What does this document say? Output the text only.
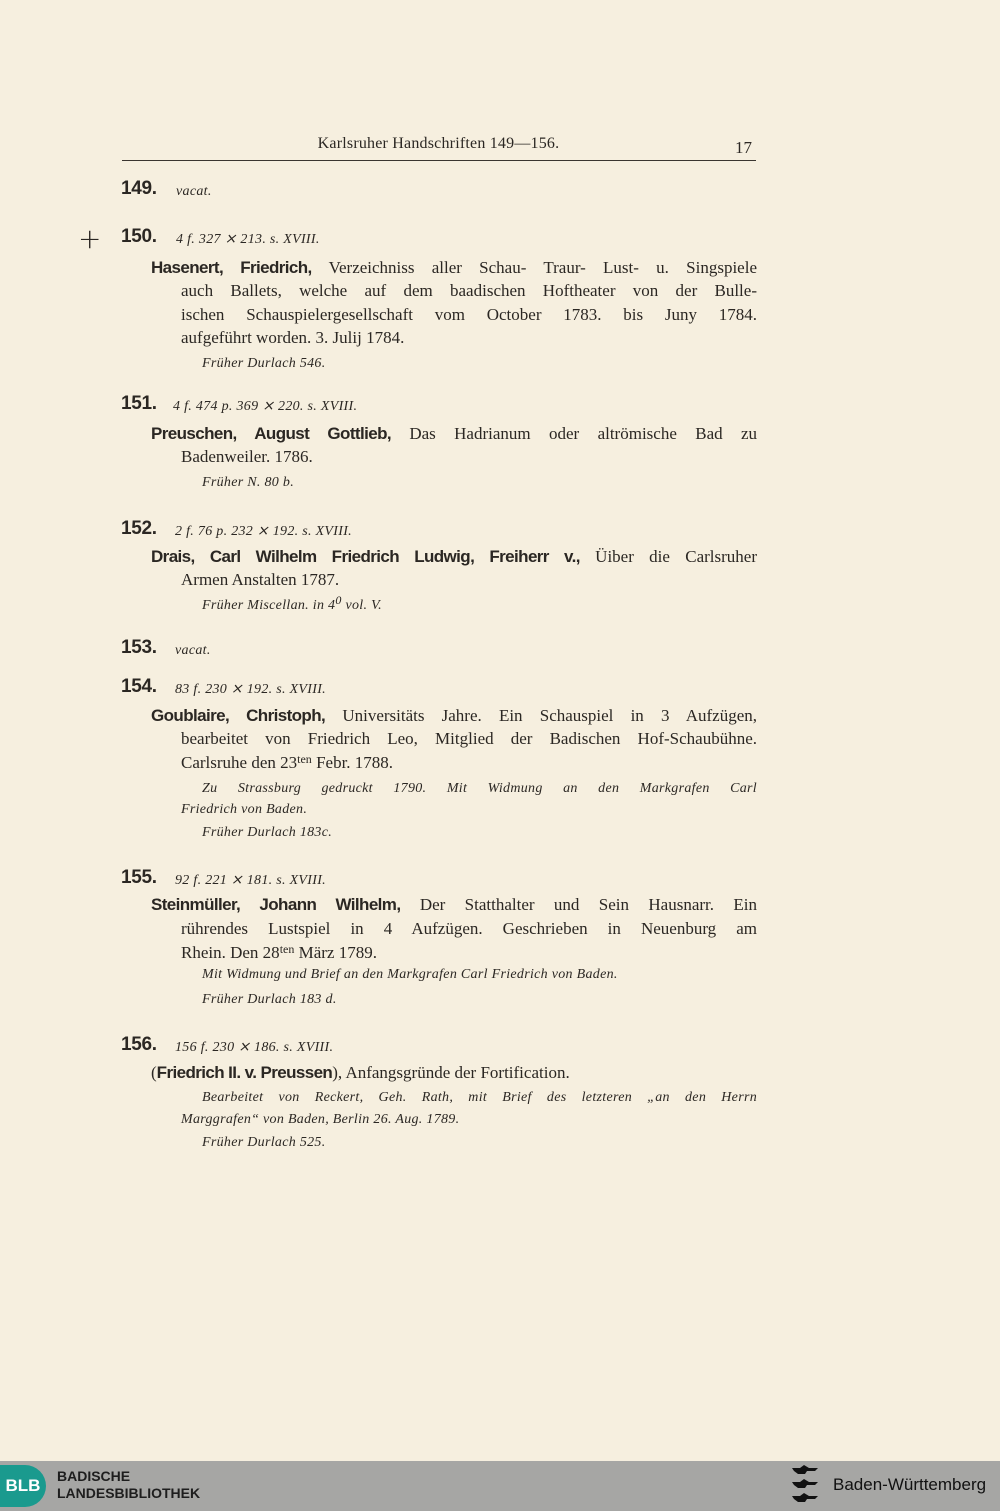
Karlsruher Handschriften 149—156.	17
+
149. vacat.
150. 4 f. 327 ⨯ 213. s. XVIII.
Hasenert, Friedrich, Verzeichniss aller Schau- Traur- Lust- u. Singspiele
auch Ballets, welche auf dem baadischen Hoftheater von der Bulle-
ischen Schauspielergesellschaft vom October 1783. bis Juny 1784.
aufgeführt worden. 3. Julij 1784.
Früher Durlach 546.
151. 4 f. 474 p. 369 ⨯ 220. s. XVIII.
Preuschen, August Gottlieb, Das Hadrianum oder altrömische Bad zu
Badenweiler. 1786.
Früher N. 80 b.
152. 2 f. 76 p. 232 ⨯ 192. s. XVIII.
Drais, Carl Wilhelm Friedrich Ludwig, Freiherr v., Üiber die Carlsruher
Armen Anstalten 1787.
Früher Miscellan. in $4^0$ vol. V.
153. vacat.
154. 83 f. 230 ⨯ 192. s. XVIII.
Goublaire, Christoph, Universitäts Jahre. Ein Schauspiel in 3 Aufzügen,
bearbeitet von Friedrich Leo, Mitglied der Badischen Hof-Schaubühne.
Carlsruhe den $23^{ten}$ Febr. 1788.
Zu Strassburg gedruckt 1790. Mit Widmung an den Markgrafen Carl
Friedrich von Baden.
Früher Durlach 183c.
155. 92 f. 221 ⨯ 181. s. XVIII.
Steinmüller, Johann Wilhelm, Der Statthalter und Sein Hausnarr. Ein
rührendes Lustspiel in 4 Aufzügen. Geschrieben in Neuenburg am
Rhein. Den $28^{ten}$ März 1789.
Mit Widmung und Brief an den Markgrafen Carl Friedrich von Baden.
Früher Durlach 183 d.
156. 156 f. 230 ⨯ 186. s. XVIII.
(Friedrich II. v. Preussen), Anfangsgründe der Fortification.
Bearbeitet von Reckert, Geh. Rath, mit Brief des letzteren „an den Herrn
Marggrafen“ von Baden, Berlin 26. Aug. 1789.
Früher Durlach 525.
BLB	BADISCHE
LANDESBIBLIOTHEK	Baden-Württemberg
